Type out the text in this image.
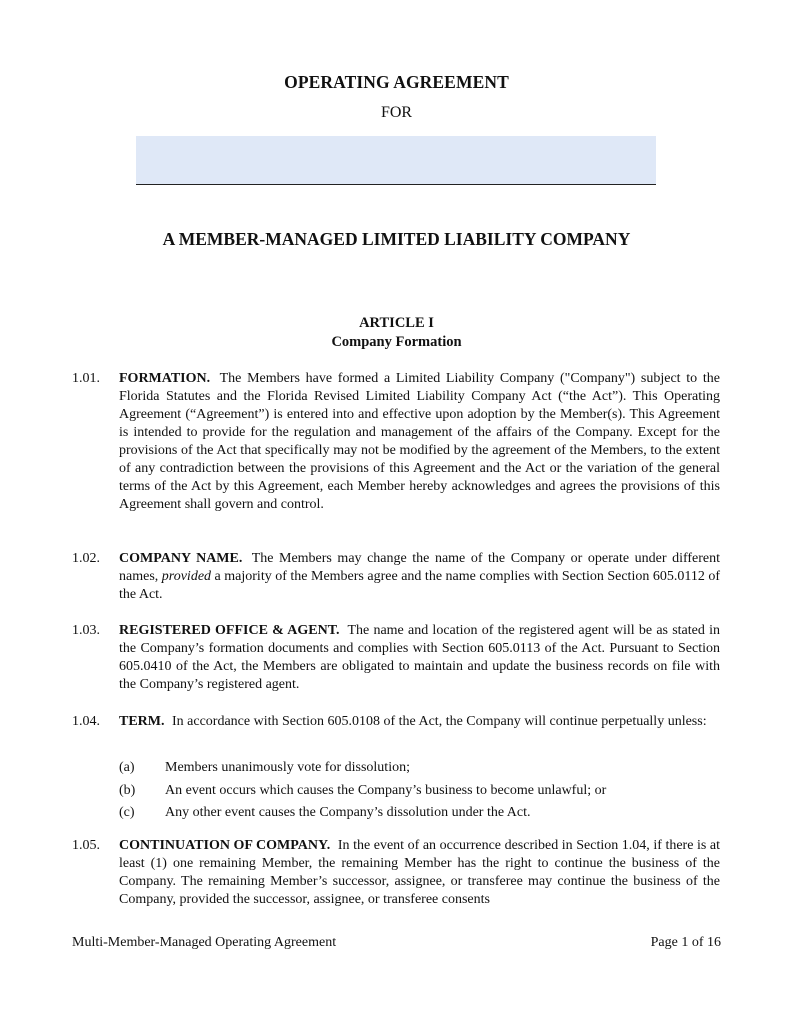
OPERATING AGREEMENT
FOR
A MEMBER-MANAGED LIMITED LIABILITY COMPANY
ARTICLE I
Company Formation
1.01. FORMATION. The Members have formed a Limited Liability Company ("Company") subject to the Florida Statutes and the Florida Revised Limited Liability Company Act (“the Act”). This Operating Agreement (“Agreement”) is entered into and effective upon adoption by the Member(s). This Agreement is intended to provide for the regulation and management of the affairs of the Company. Except for the provisions of the Act that specifically may not be modified by the agreement of the Members, to the extent of any contradiction between the provisions of this Agreement and the Act or the variation of the general terms of the Act by this Agreement, each Member hereby acknowledges and agrees the provisions of this Agreement shall govern and control.
1.02. COMPANY NAME. The Members may change the name of the Company or operate under different names, provided a majority of the Members agree and the name complies with Section Section 605.0112 of the Act.
1.03. REGISTERED OFFICE & AGENT. The name and location of the registered agent will be as stated in the Company’s formation documents and complies with Section 605.0113 of the Act. Pursuant to Section 605.0410 of the Act, the Members are obligated to maintain and update the business records on file with the Company’s registered agent.
1.04. TERM. In accordance with Section 605.0108 of the Act, the Company will continue perpetually unless:
(a) Members unanimously vote for dissolution;
(b) An event occurs which causes the Company’s business to become unlawful; or
(c) Any other event causes the Company’s dissolution under the Act.
1.05. CONTINUATION OF COMPANY. In the event of an occurrence described in Section 1.04, if there is at least (1) one remaining Member, the remaining Member has the right to continue the business of the Company. The remaining Member’s successor, assignee, or transferee may continue the business of the Company, provided the successor, assignee, or transferee consents
Multi-Member-Managed Operating Agreement	Page 1 of 16
